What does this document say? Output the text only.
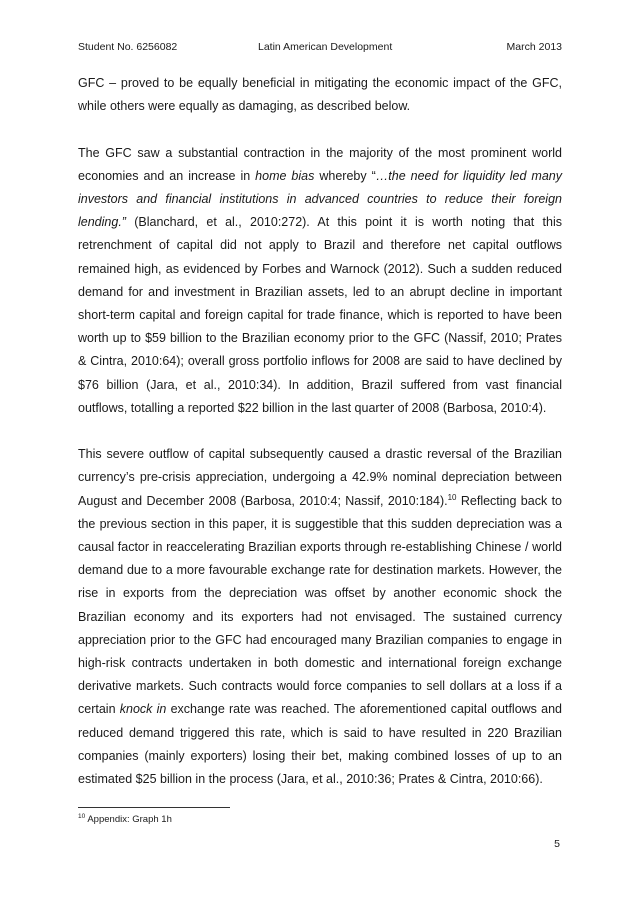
Student No. 6256082	Latin American Development	March 2013

GFC – proved to be equally beneficial in mitigating the economic impact of the GFC, while others were equally as damaging, as described below.

The GFC saw a substantial contraction in the majority of the most prominent world economies and an increase in home bias whereby “…the need for liquidity led many investors and financial institutions in advanced countries to reduce their foreign lending.” (Blanchard, et al., 2010:272). At this point it is worth noting that this retrenchment of capital did not apply to Brazil and therefore net capital outflows remained high, as evidenced by Forbes and Warnock (2012). Such a sudden reduced demand for and investment in Brazilian assets, led to an abrupt decline in important short-term capital and foreign capital for trade finance, which is reported to have been worth up to $59 billion to the Brazilian economy prior to the GFC (Nassif, 2010; Prates & Cintra, 2010:64); overall gross portfolio inflows for 2008 are said to have declined by $76 billion (Jara, et al., 2010:34). In addition, Brazil suffered from vast financial outflows, totalling a reported $22 billion in the last quarter of 2008 (Barbosa, 2010:4).

This severe outflow of capital subsequently caused a drastic reversal of the Brazilian currency’s pre-crisis appreciation, undergoing a 42.9% nominal depreciation between August and December 2008 (Barbosa, 2010:4; Nassif, 2010:184).$^{10}$ Reflecting back to the previous section in this paper, it is suggestible that this sudden depreciation was a causal factor in reaccelerating Brazilian exports through re-establishing Chinese / world demand due to a more favourable exchange rate for destination markets. However, the rise in exports from the depreciation was offset by another economic shock the Brazilian economy and its exporters had not envisaged. The sustained currency appreciation prior to the GFC had encouraged many Brazilian companies to engage in high-risk contracts undertaken in both domestic and international foreign exchange derivative markets. Such contracts would force companies to sell dollars at a loss if a certain knock in exchange rate was reached. The aforementioned capital outflows and reduced demand triggered this rate, which is said to have resulted in 220 Brazilian companies (mainly exporters) losing their bet, making combined losses of up to an estimated $25 billion in the process (Jara, et al., 2010:36; Prates & Cintra, 2010:66).

$^{10}$ Appendix: Graph 1h
5
